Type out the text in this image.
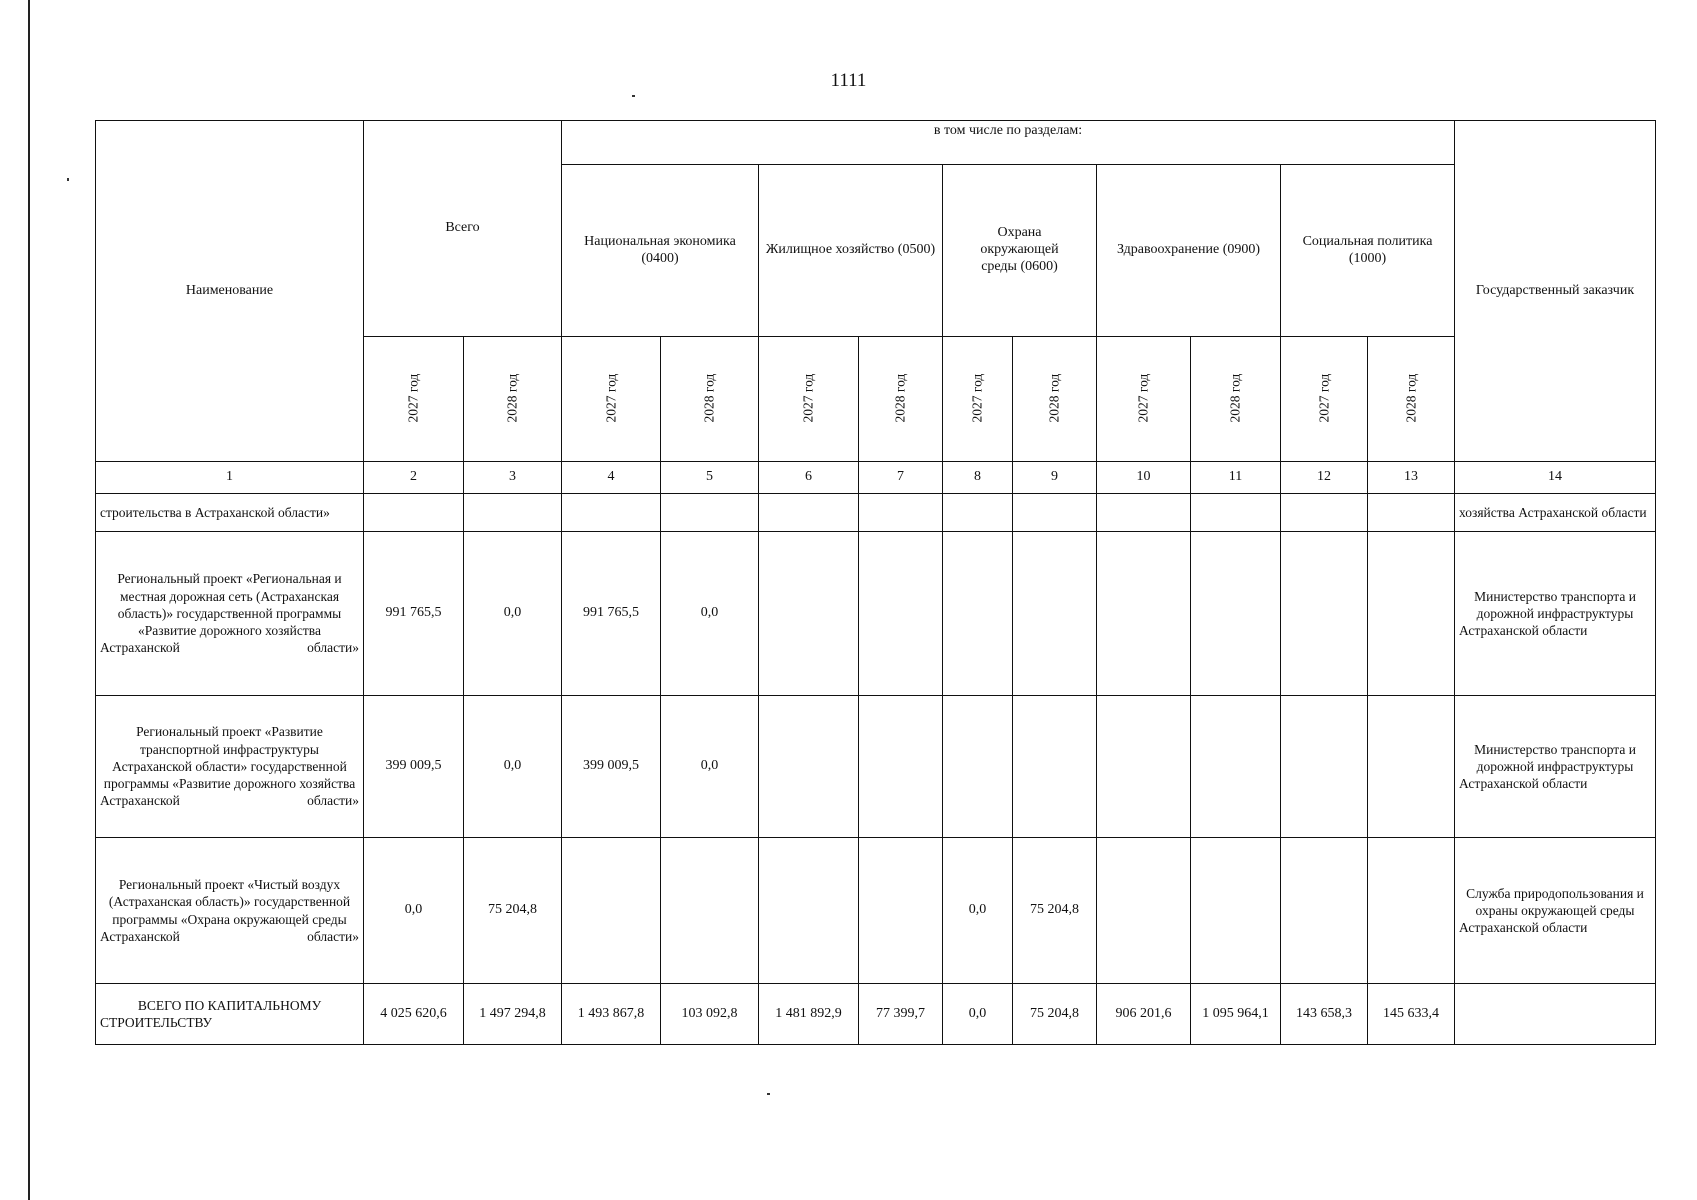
1111
Наименование	Всего		в том числе по разделам:										Государственный заказчик
			Национальная экономика (0400)		Жилищное хозяйство (0500)		Охрана окружающей среды (0600)		Здравоохранение (0900)		Социальная политика (1000)		
	2027 год	2028 год	2027 год	2028 год	2027 год	2028 год	2027 год	2028 год	2027 год	2028 год	2027 год	2028 год	
1	2	3	4	5	6	7	8	9	10	11	12	13	14
строительства в Астраханской области»													хозяйства Астраханской области
Региональный проект «Региональная и местная дорожная сеть (Астраханская область)» государственной программы «Развитие дорожного хозяйства Астраханской области»	991 765,5	0,0	991 765,5	0,0									Министерство транспорта и дорожной инфраструктуры Астраханской области
Региональный проект «Развитие транспортной инфраструктуры Астраханской области» государственной программы «Развитие дорожного хозяйства Астраханской области»	399 009,5	0,0	399 009,5	0,0									Министерство транспорта и дорожной инфраструктуры Астраханской области
Региональный проект «Чистый воздух (Астраханская область)» государственной программы «Охрана окружающей среды Астраханской области»	0,0	75 204,8					0,0	75 204,8					Служба природопользования и охраны окружающей среды Астраханской области
ВСЕГО ПО КАПИТАЛЬНОМУ СТРОИТЕЛЬСТВУ	4 025 620,6	1 497 294,8	1 493 867,8	103 092,8	1 481 892,9	77 399,7	0,0	75 204,8	906 201,6	1 095 964,1	143 658,3	145 633,4	
